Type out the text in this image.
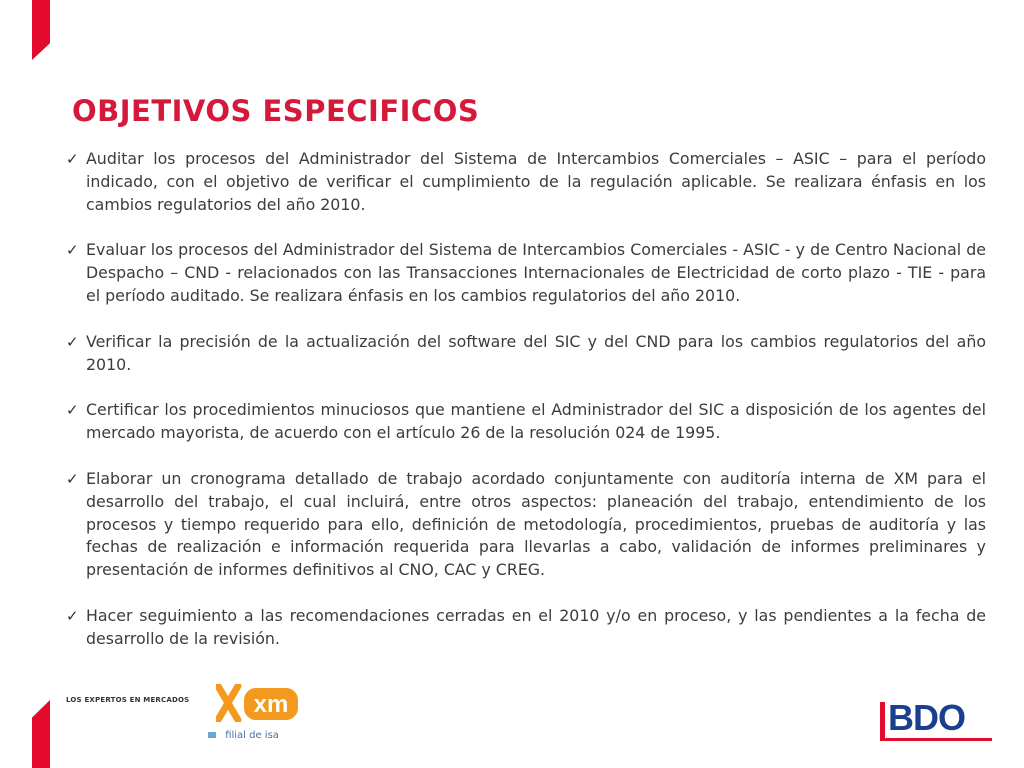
OBJETIVOS ESPECIFICOS
✓ Auditar los procesos del Administrador del Sistema de Intercambios Comerciales – ASIC – para el período indicado, con el objetivo de verificar el cumplimiento de la regulación aplicable. Se realizara énfasis en los cambios regulatorios del año 2010.
✓ Evaluar los procesos del Administrador del Sistema de Intercambios Comerciales - ASIC - y de Centro Nacional de Despacho – CND - relacionados con las Transacciones Internacionales de Electricidad de corto plazo - TIE - para el período auditado. Se realizara énfasis en los cambios regulatorios del año 2010.
✓ Verificar la precisión de la actualización del software del SIC y del CND para los cambios regulatorios del año 2010.
✓ Certificar los procedimientos minuciosos que mantiene el Administrador del SIC a disposición de los agentes del mercado mayorista, de acuerdo con el artículo 26 de la resolución 024 de 1995.
✓ Elaborar un cronograma detallado de trabajo acordado conjuntamente con auditoría interna de XM para el desarrollo del trabajo, el cual incluirá, entre otros aspectos: planeación del trabajo, entendimiento de los procesos y tiempo requerido para ello, definición de metodología, procedimientos, pruebas de auditoría y las fechas de realización e información requerida para llevarlas a cabo, validación de informes preliminares y presentación de informes definitivos al CNO, CAC y CREG.
✓ Hacer seguimiento a las recomendaciones cerradas en el 2010 y/o en proceso, y las pendientes a la fecha de desarrollo de la revisión.
LOS EXPERTOS EN MERCADOS	xm
filial de isa	BDO
